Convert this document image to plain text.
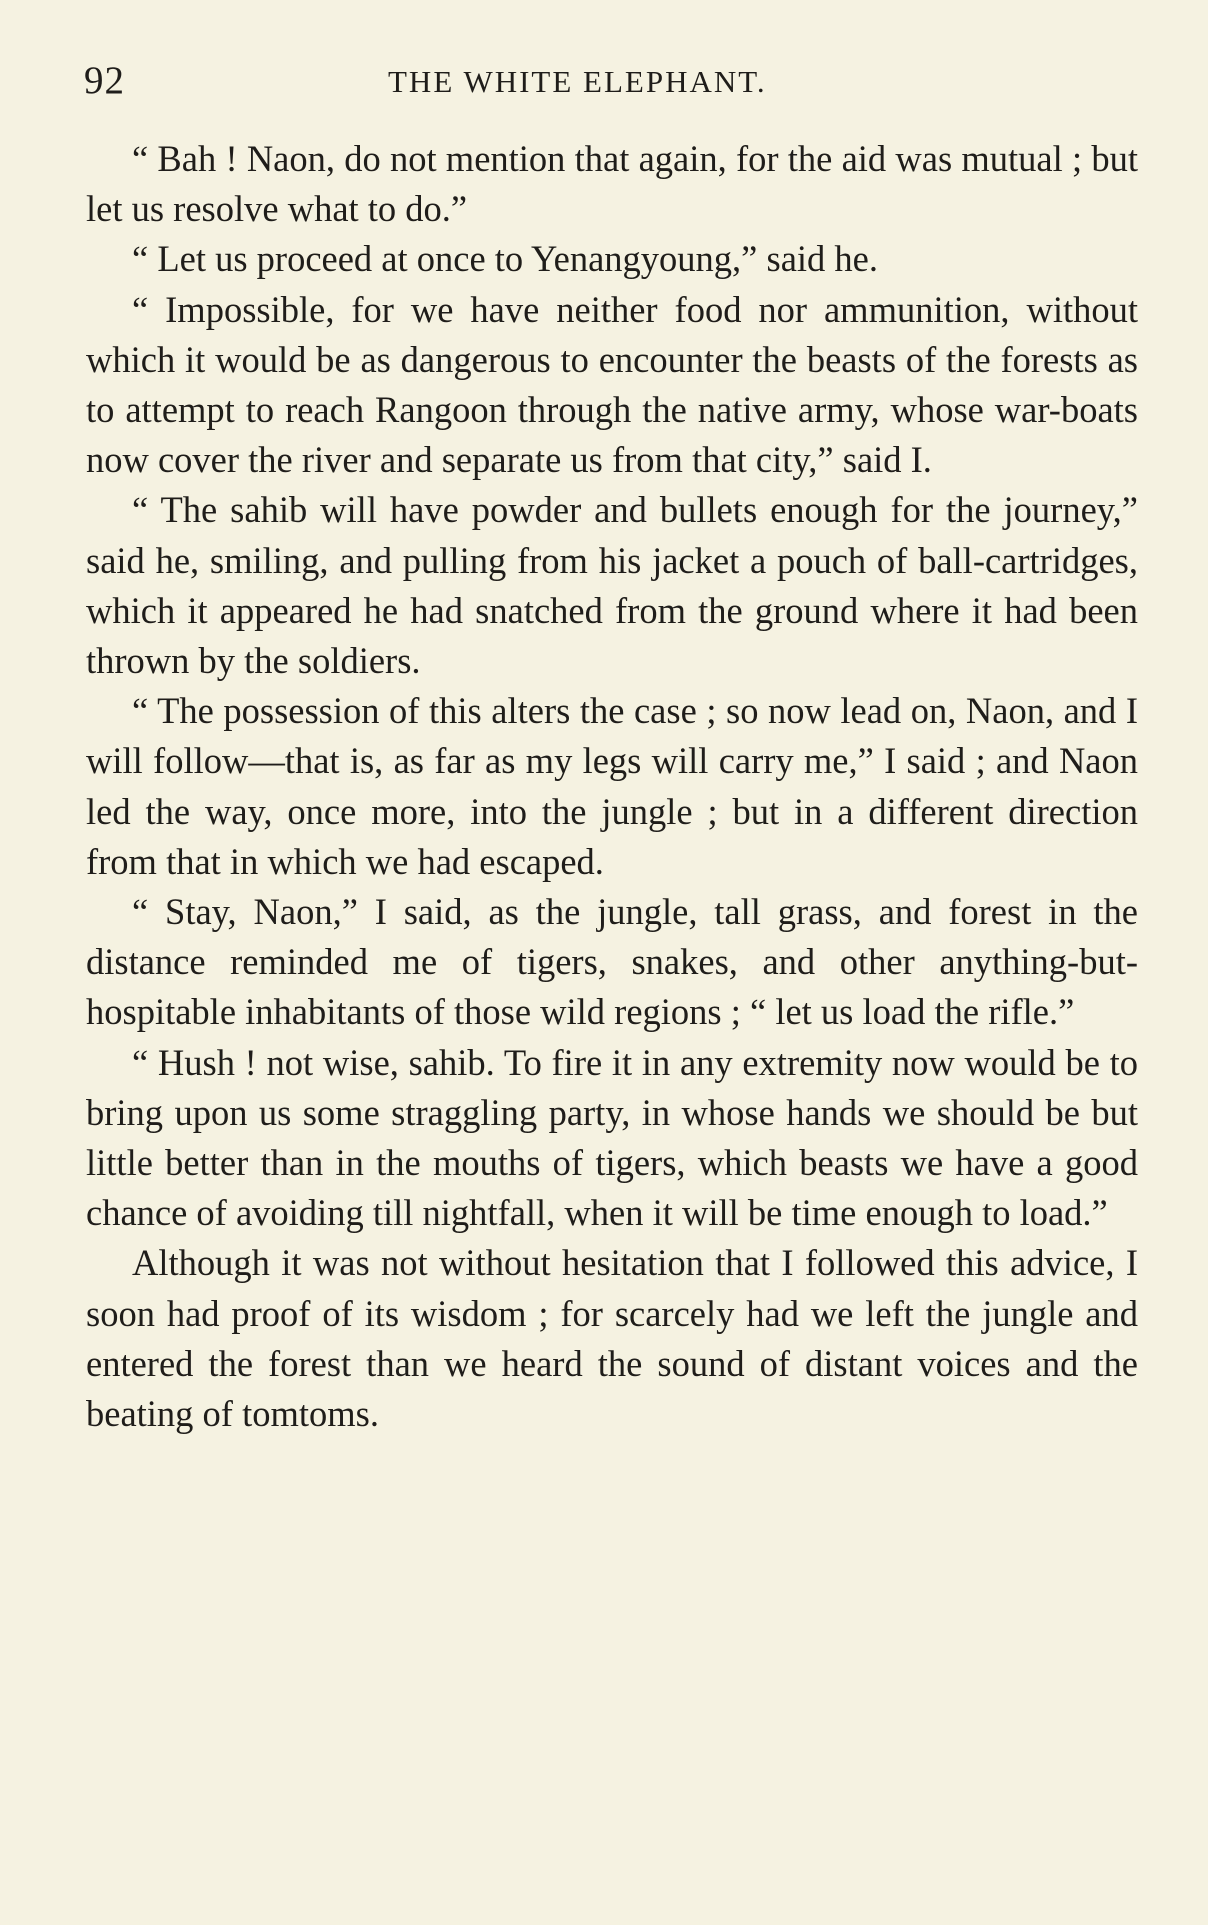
92	THE WHITE ELEPHANT.

“ Bah ! Naon, do not mention that again, for the aid was mutual ; but let us resolve what to do.”

“ Let us proceed at once to Yenangyoung,” said he.

“ Impossible, for we have neither food nor ammunition, without which it would be as dangerous to encounter the beasts of the forests as to attempt to reach Rangoon through the native army, whose war-boats now cover the river and separate us from that city,” said I.

“ The sahib will have powder and bullets enough for the journey,” said he, smiling, and pulling from his jacket a pouch of ball-cartridges, which it appeared he had snatched from the ground where it had been thrown by the soldiers.

“ The possession of this alters the case ; so now lead on, Naon, and I will follow—that is, as far as my legs will carry me,” I said ; and Naon led the way, once more, into the jungle ; but in a different direction from that in which we had escaped.

“ Stay, Naon,” I said, as the jungle, tall grass, and forest in the distance reminded me of tigers, snakes, and other anything-but-hospitable inhabitants of those wild regions ; “ let us load the rifle.”

“ Hush ! not wise, sahib. To fire it in any extremity now would be to bring upon us some straggling party, in whose hands we should be but little better than in the mouths of tigers, which beasts we have a good chance of avoiding till nightfall, when it will be time enough to load.”

Although it was not without hesitation that I followed this advice, I soon had proof of its wisdom ; for scarcely had we left the jungle and entered the forest than we heard the sound of distant voices and the beating of tomtoms.
